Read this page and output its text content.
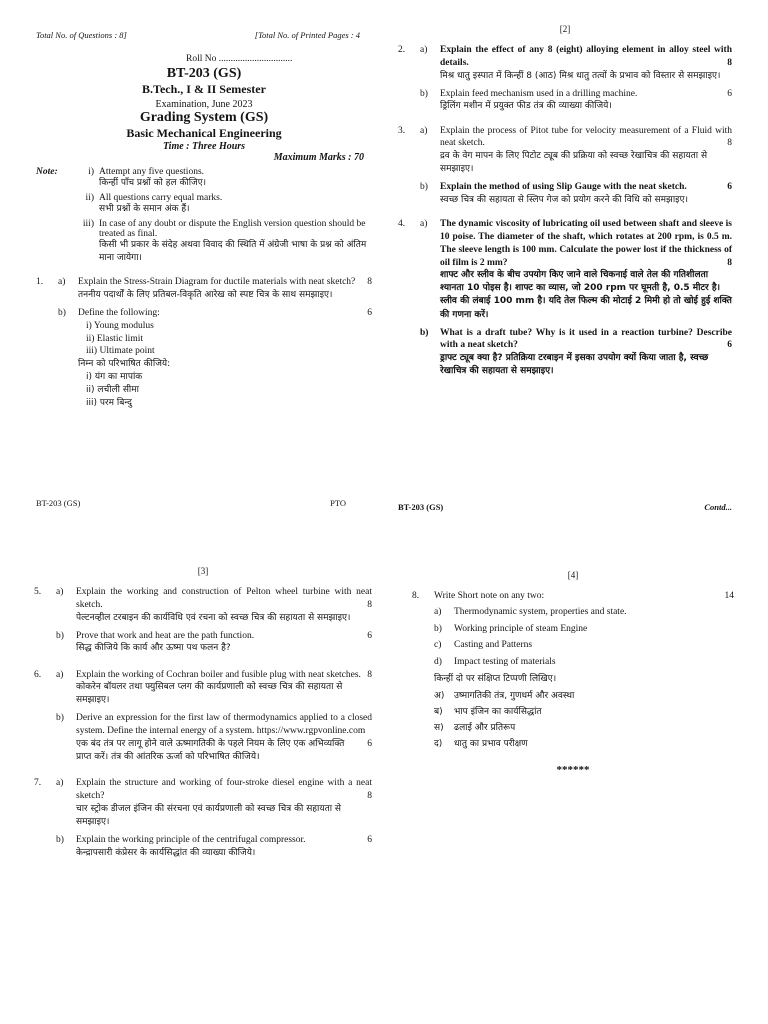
Total No. of Questions : 8]	[Total No. of Printed Pages : 4
Roll No ...............................
BT-203 (GS)
B.Tech., I & II Semester
Examination, June 2023
Grading System (GS)
Basic Mechanical Engineering
Time : Three Hours
Maximum Marks : 70
Note:	i) Attempt any five questions.
किन्हीं पाँच प्रश्नों को हल कीजिए।
ii) All questions carry equal marks.
सभी प्रश्नों के समान अंक हैं।
iii) In case of any doubt or dispute the English version question should be treated as final.
किसी भी प्रकार के संदेह अथवा विवाद की स्थिति में अंग्रेजी भाषा के प्रश्न को अंतिम माना जायेगा।
1.	a)	Explain the Stress-Strain Diagram for ductile materials with neat sketch?	8
तननीय पदार्थों के लिए प्रतिबल-विकृति आरेख को स्पष्ट चित्र के साथ समझाइए।
b)	Define the following:	6
i) Young modulus
ii) Elastic limit
iii) Ultimate point
निम्न को परिभाषित कीजिये:
i) यंग का मापांक
ii) लचीली सीमा
iii) परम बिन्दु
BT-203 (GS)	PTO
[2]
2.	a)	Explain the effect of any 8 (eight) alloying element in alloy steel with details.	8
मिश्र धातु इस्पात में किन्हीं 8 (आठ) मिश्र धातु तत्वों के प्रभाव को विस्तार से समझाइए।
b)	Explain feed mechanism used in a drilling machine.	6
ड्रिलिंग मशीन में प्रयुक्त फीड तंत्र की व्याख्या कीजिये।
3.	a)	Explain the process of Pitot tube for velocity measurement of a Fluid with neat sketch.	8
द्रव के वेग मापन के लिए पिटोट ट्यूब की प्रक्रिया को स्वच्छ रेखाचित्र की सहायता से समझाइए।
b)	Explain the method of using Slip Gauge with the neat sketch.	6
स्वच्छ चित्र की सहायता से स्लिप गेज को प्रयोग करने की विधि को समझाइए।
4.	a)	The dynamic viscosity of lubricating oil used between shaft and sleeve is 10 poise. The diameter of the shaft, which rotates at 200 rpm, is 0.5 m. The sleeve length is 100 mm. Calculate the power lost if the thickness of oil film is 2 mm?	8
शाफ्ट और स्लीव के बीच उपयोग किए जाने वाले चिकनाई वाले तेल की गतिशीलता श्यानता 10 पोइस है। शाफ्ट का व्यास, जो 200 rpm पर घूमती है, 0.5 मीटर है। स्लीव की लंबाई 100 mm है। यदि तेल फिल्म की मोटाई 2 मिमी हो तो खोई हुई शक्ति की गणना करें।
b)	What is a draft tube? Why is it used in a reaction turbine? Describe with a neat sketch?	6
ड्राफ्ट ट्यूब क्या है? प्रतिक्रिया टरबाइन में इसका उपयोग क्यों किया जाता है, स्वच्छ रेखाचित्र की सहायता से समझाइए।
BT-203 (GS)	Contd...
[3]
5.	a)	Explain the working and construction of Pelton wheel turbine with neat sketch.	8
पेल्टनव्हील टरबाइन की कार्यविधि एवं रचना को स्वच्छ चित्र की सहायता से समझाइए।
b)	Prove that work and heat are the path function.	6
सिद्ध कीजिये कि कार्य और ऊष्मा पथ फलन है?
6.	a)	Explain the working of Cochran boiler and fusible plug with neat sketches. 8
कोकरेन बॉयलर तथा फ्युसिबल प्लग की कार्यप्रणाली को स्वच्छ चित्र की सहायता से समझाइए।
b)	Derive an expression for the first law of thermodynamics applied to a closed system. Define the internal energy of a system. https://www.rgpvonline.com
6
एक बंद तंत्र पर लागू होने वाले ऊष्मागतिकी के पहले नियम के लिए एक अभिव्यक्ति प्राप्त करें। तंत्र की आंतरिक ऊर्जा को परिभाषित कीजिये।
7.	a)	Explain the structure and working of four-stroke diesel engine with a neat sketch?	8
चार स्ट्रोक डीजल इंजिन की संरचना एवं कार्यप्रणाली को स्वच्छ चित्र की सहायता से समझाइए।
b)	Explain the working principle of the centrifugal compressor.	6
केन्द्रापसारी कंप्रेसर के कार्यसिद्धांत की व्याख्या कीजिये।
[4]
8.	Write Short note on any two:	14
a)	Thermodynamic system, properties and state.
b)	Working principle of steam Engine
c)	Casting and Patterns
d)	Impact testing of materials
किन्हीं दो पर संक्षिप्त टिप्पणी लिखिए।
अ)	उष्मागतिकी तंत्र, गुणधर्म और अवस्था
ब)	भाप इंजिन का कार्यसिद्धांत
स)	ढलाई और प्रतिरूप
द)	धातु का प्रभाव परीक्षण
******
